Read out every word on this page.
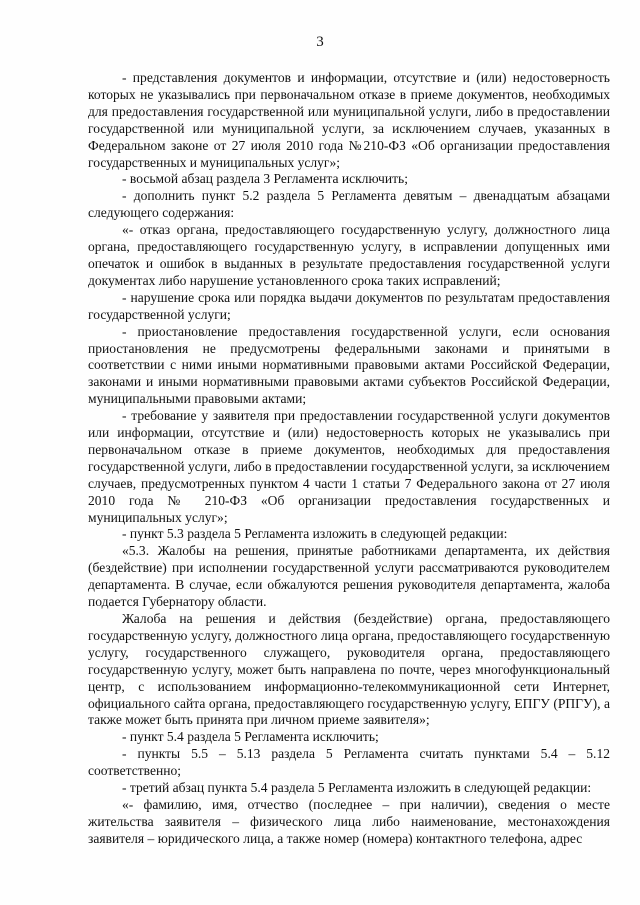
3

- представления документов и информации, отсутствие и (или) недостоверность которых не указывались при первоначальном отказе в приеме документов, необходимых для предоставления государственной или муниципальной услуги, либо в предоставлении государственной или муниципальной услуги, за исключением случаев, указанных в Федеральном законе от 27 июля 2010 года №210-ФЗ «Об организации предоставления государственных и муниципальных услуг»;

- восьмой абзац раздела 3 Регламента исключить;

- дополнить пункт 5.2 раздела 5 Регламента девятым – двенадцатым абзацами следующего содержания:

«- отказ органа, предоставляющего государственную услугу, должностного лица органа, предоставляющего государственную услугу, в исправлении допущенных ими опечаток и ошибок в выданных в результате предоставления государственной услуги документах либо нарушение установленного срока таких исправлений;

- нарушение срока или порядка выдачи документов по результатам предоставления государственной услуги;

- приостановление предоставления государственной услуги, если основания приостановления не предусмотрены федеральными законами и принятыми в соответствии с ними иными нормативными правовыми актами Российской Федерации, законами и иными нормативными правовыми актами субъектов Российской Федерации, муниципальными правовыми актами;

- требование у заявителя при предоставлении государственной услуги документов или информации, отсутствие и (или) недостоверность которых не указывались при первоначальном отказе в приеме документов, необходимых для предоставления государственной услуги, либо в предоставлении государственной услуги, за исключением случаев, предусмотренных пунктом 4 части 1 статьи 7 Федерального закона от 27 июля 2010 года № 210-ФЗ «Об организации предоставления государственных и муниципальных услуг»;

- пункт 5.3 раздела 5 Регламента изложить в следующей редакции:

«5.3. Жалобы на решения, принятые работниками департамента, их действия (бездействие) при исполнении государственной услуги рассматриваются руководителем департамента. В случае, если обжалуются решения руководителя департамента, жалоба подается Губернатору области.

Жалоба на решения и действия (бездействие) органа, предоставляющего государственную услугу, должностного лица органа, предоставляющего государственную услугу, государственного служащего, руководителя органа, предоставляющего государственную услугу, может быть направлена по почте, через многофункциональный центр, с использованием информационно-телекоммуникационной сети Интернет, официального сайта органа, предоставляющего государственную услугу, ЕПГУ (РПГУ), а также может быть принята при личном приеме заявителя»;

- пункт 5.4 раздела 5 Регламента исключить;

- пункты 5.5 – 5.13 раздела 5 Регламента считать пунктами 5.4 – 5.12 соответственно;

- третий абзац пункта 5.4 раздела 5 Регламента изложить в следующей редакции:

«- фамилию, имя, отчество (последнее – при наличии), сведения о месте жительства заявителя – физического лица либо наименование, местонахождения заявителя – юридического лица, а также номер (номера) контактного телефона, адрес
